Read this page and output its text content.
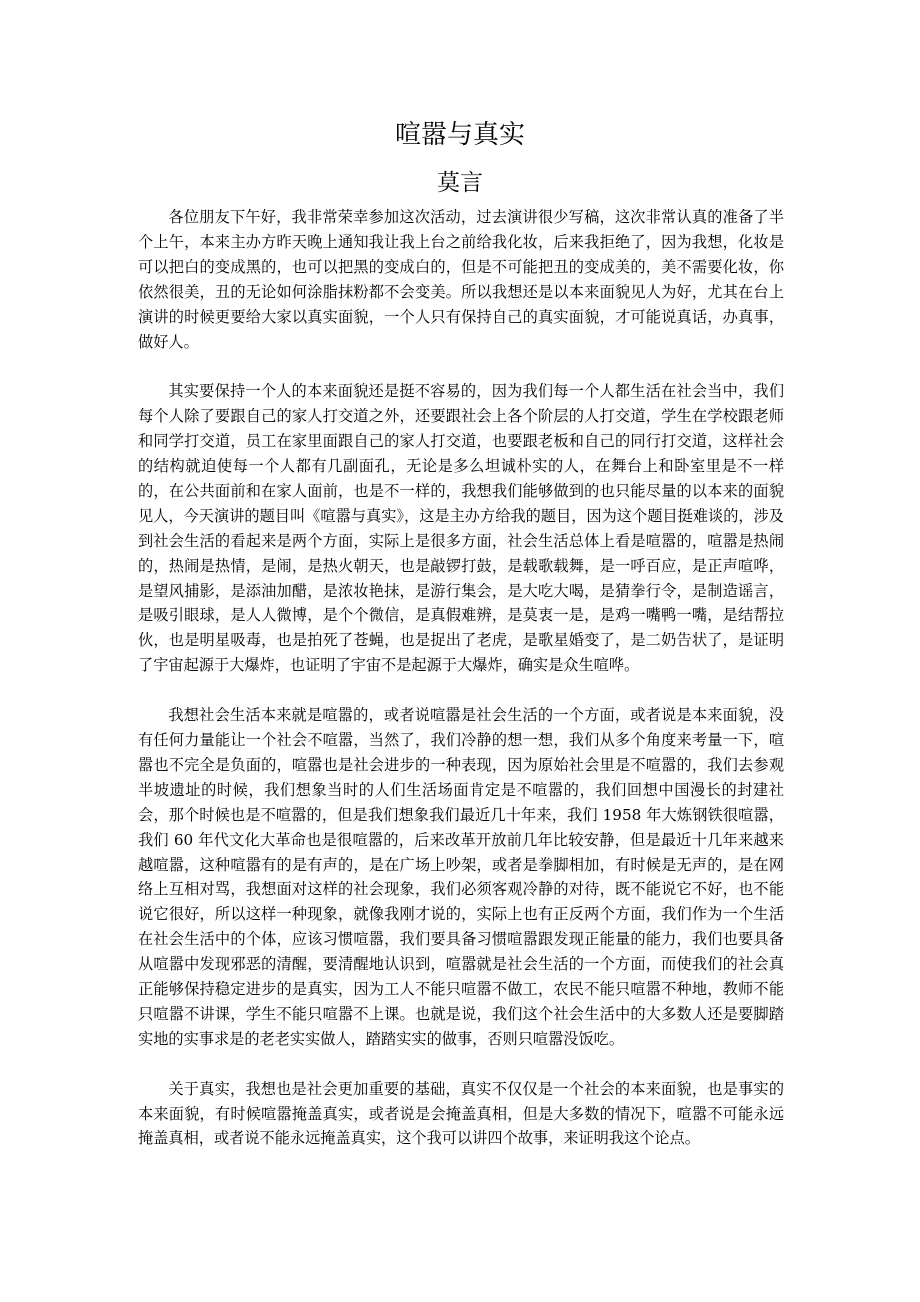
喧嚣与真实
莫言

各位朋友下午好，我非常荣幸参加这次活动，过去演讲很少写稿，这次非常认真的准备了半个上午，本来主办方昨天晚上通知我让我上台之前给我化妆，后来我拒绝了，因为我想，化妆是可以把白的变成黑的，也可以把黑的变成白的，但是不可能把丑的变成美的，美不需要化妆，你依然很美，丑的无论如何涂脂抹粉都不会变美。所以我想还是以本来面貌见人为好，尤其在台上演讲的时候更要给大家以真实面貌，一个人只有保持自己的真实面貌，才可能说真话，办真事，做好人。

其实要保持一个人的本来面貌还是挺不容易的，因为我们每一个人都生活在社会当中，我们每个人除了要跟自己的家人打交道之外，还要跟社会上各个阶层的人打交道，学生在学校跟老师和同学打交道，员工在家里面跟自己的家人打交道，也要跟老板和自己的同行打交道，这样社会的结构就迫使每一个人都有几副面孔，无论是多么坦诚朴实的人，在舞台上和卧室里是不一样的，在公共面前和在家人面前，也是不一样的，我想我们能够做到的也只能尽量的以本来的面貌见人，今天演讲的题目叫《喧嚣与真实》，这是主办方给我的题目，因为这个题目挺难谈的，涉及到社会生活的看起来是两个方面，实际上是很多方面，社会生活总体上看是喧嚣的，喧嚣是热闹的，热闹是热情，是闹，是热火朝天，也是敲锣打鼓，是载歌载舞，是一呼百应，是正声喧哗，是望风捕影，是添油加醋，是浓妆艳抹，是游行集会，是大吃大喝，是猜拳行令，是制造谣言，是吸引眼球，是人人微博，是个个微信，是真假难辨，是莫衷一是，是鸡一嘴鸭一嘴，是结帮拉伙，也是明星吸毒，也是拍死了苍蝇，也是捉出了老虎，是歌星婚变了，是二奶告状了，是证明了宇宙起源于大爆炸，也证明了宇宙不是起源于大爆炸，确实是众生喧哗。

我想社会生活本来就是喧嚣的，或者说喧嚣是社会生活的一个方面，或者说是本来面貌，没有任何力量能让一个社会不喧嚣，当然了，我们冷静的想一想，我们从多个角度来考量一下，喧嚣也不完全是负面的，喧嚣也是社会进步的一种表现，因为原始社会里是不喧嚣的，我们去参观半坡遗址的时候，我们想象当时的人们生活场面肯定是不喧嚣的，我们回想中国漫长的封建社会，那个时候也是不喧嚣的，但是我们想象我们最近几十年来，我们 1958 年大炼钢铁很喧嚣，我们 60 年代文化大革命也是很喧嚣的，后来改革开放前几年比较安静，但是最近十几年来越来越喧嚣，这种喧嚣有的是有声的，是在广场上吵架，或者是拳脚相加，有时候是无声的，是在网络上互相对骂，我想面对这样的社会现象，我们必须客观冷静的对待，既不能说它不好，也不能说它很好，所以这样一种现象，就像我刚才说的，实际上也有正反两个方面，我们作为一个生活在社会生活中的个体，应该习惯喧嚣，我们要具备习惯喧嚣跟发现正能量的能力，我们也要具备从喧嚣中发现邪恶的清醒，要清醒地认识到，喧嚣就是社会生活的一个方面，而使我们的社会真正能够保持稳定进步的是真实，因为工人不能只喧嚣不做工，农民不能只喧嚣不种地，教师不能只喧嚣不讲课，学生不能只喧嚣不上课。也就是说，我们这个社会生活中的大多数人还是要脚踏实地的实事求是的老老实实做人，踏踏实实的做事，否则只喧嚣没饭吃。

关于真实，我想也是社会更加重要的基础，真实不仅仅是一个社会的本来面貌，也是事实的本来面貌，有时候喧嚣掩盖真实，或者说是会掩盖真相，但是大多数的情况下，喧嚣不可能永远掩盖真相，或者说不能永远掩盖真实，这个我可以讲四个故事，来证明我这个论点。
